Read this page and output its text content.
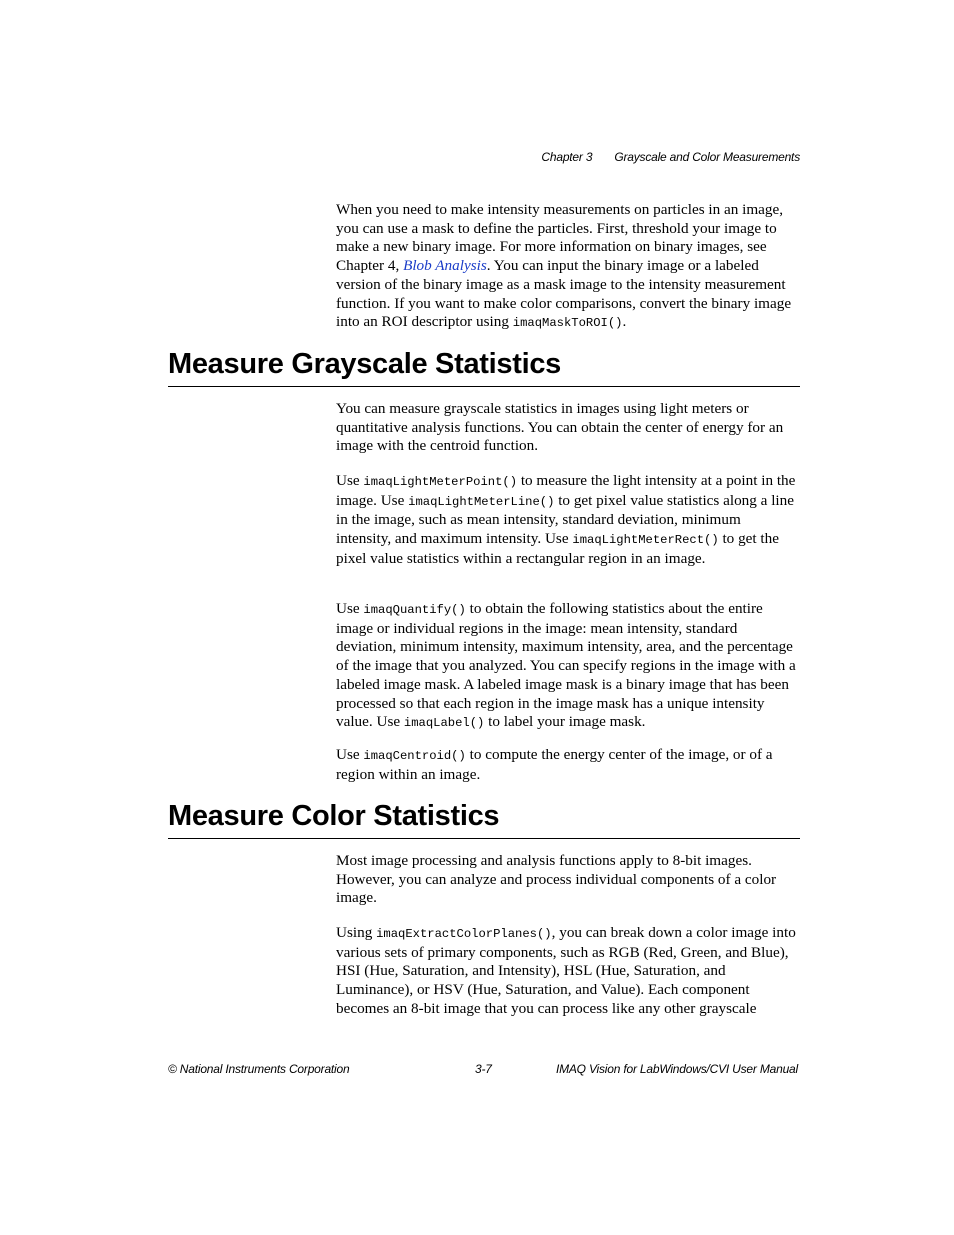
Chapter 3 Grayscale and Color Measurements

When you need to make intensity measurements on particles in an image, you can use a mask to define the particles. First, threshold your image to make a new binary image. For more information on binary images, see Chapter 4, Blob Analysis. You can input the binary image or a labeled version of the binary image as a mask image to the intensity measurement function. If you want to make color comparisons, convert the binary image into an ROI descriptor using imaqMaskToROI().

Measure Grayscale Statistics

You can measure grayscale statistics in images using light meters or quantitative analysis functions. You can obtain the center of energy for an image with the centroid function.

Use imaqLightMeterPoint() to measure the light intensity at a point in the image. Use imaqLightMeterLine() to get pixel value statistics along a line in the image, such as mean intensity, standard deviation, minimum intensity, and maximum intensity. Use imaqLightMeterRect() to get the pixel value statistics within a rectangular region in an image.

Use imaqQuantify() to obtain the following statistics about the entire image or individual regions in the image: mean intensity, standard deviation, minimum intensity, maximum intensity, area, and the percentage of the image that you analyzed. You can specify regions in the image with a labeled image mask. A labeled image mask is a binary image that has been processed so that each region in the image mask has a unique intensity value. Use imaqLabel() to label your image mask.

Use imaqCentroid() to compute the energy center of the image, or of a region within an image.

Measure Color Statistics

Most image processing and analysis functions apply to 8-bit images. However, you can analyze and process individual components of a color image.

Using imaqExtractColorPlanes(), you can break down a color image into various sets of primary components, such as RGB (Red, Green, and Blue), HSI (Hue, Saturation, and Intensity), HSL (Hue, Saturation, and Luminance), or HSV (Hue, Saturation, and Value). Each component becomes an 8-bit image that you can process like any other grayscale

© National Instruments Corporation	3-7	IMAQ Vision for LabWindows/CVI User Manual
